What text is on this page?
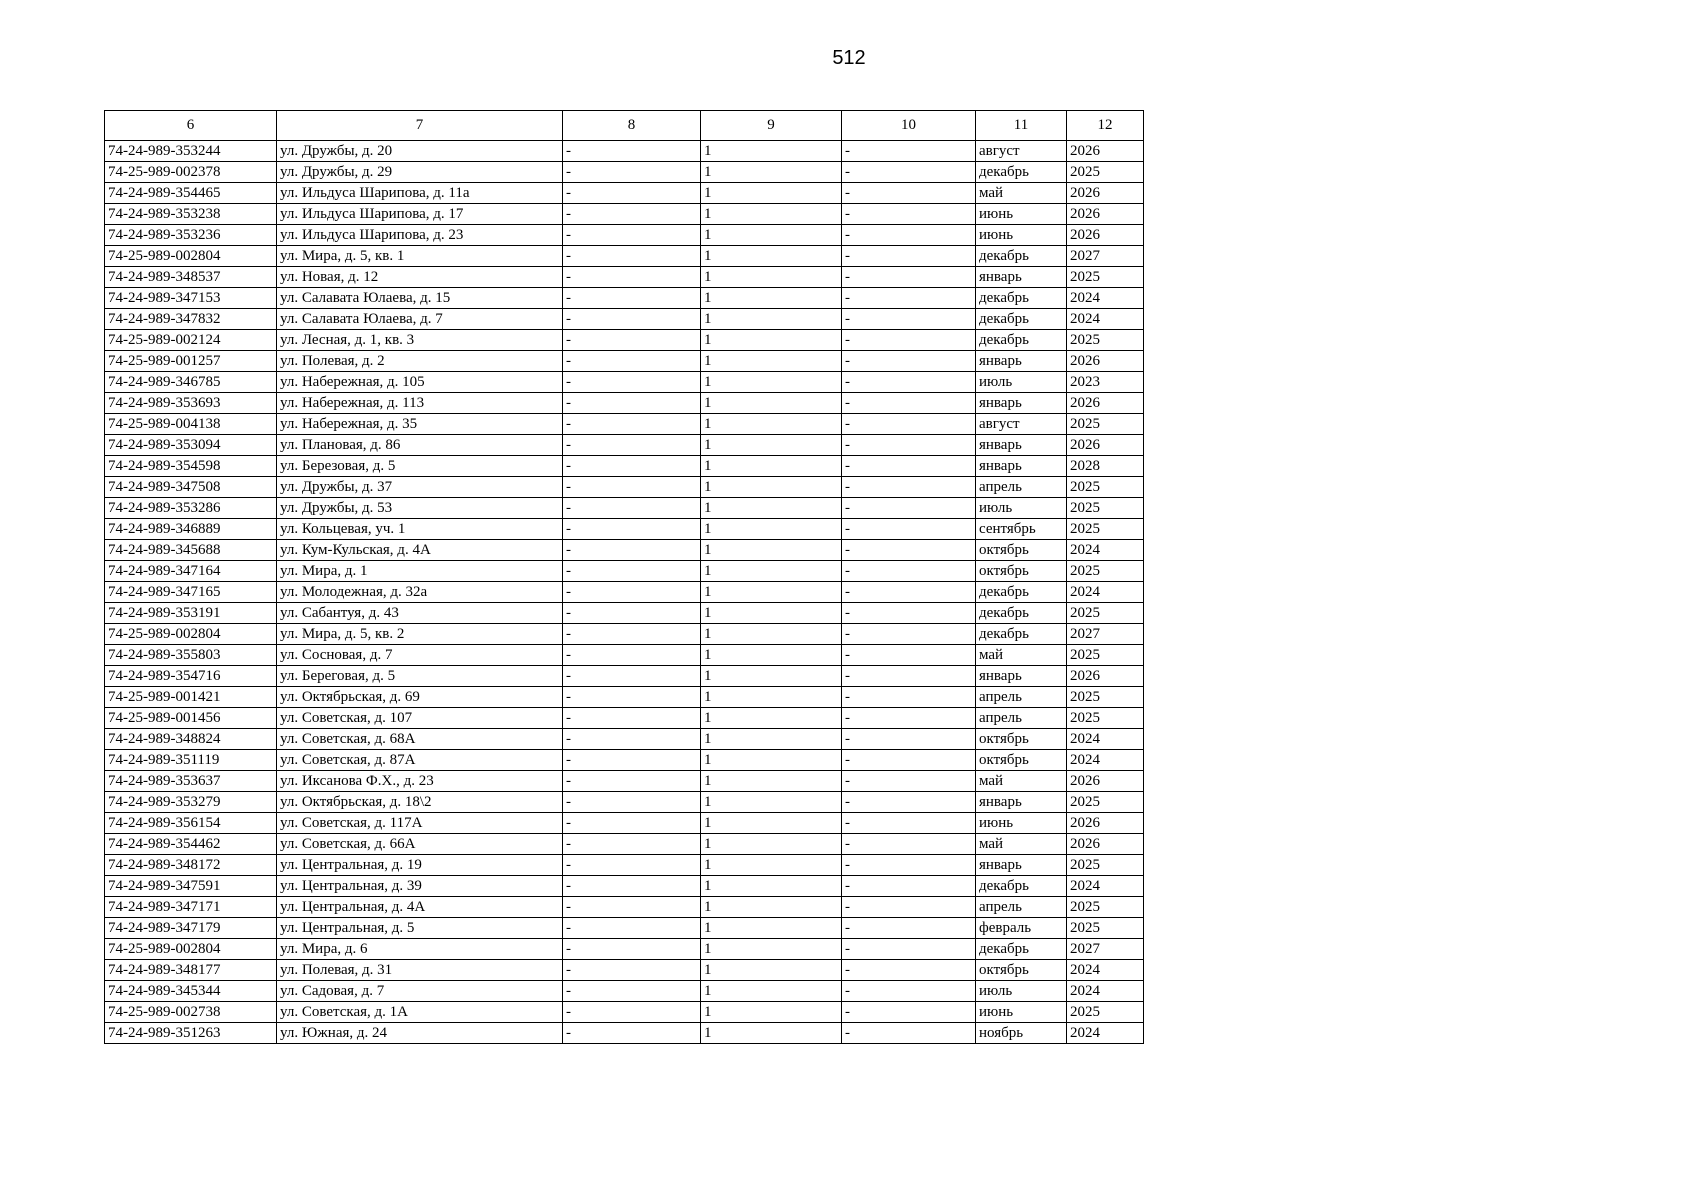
512
6	7	8	9	10	11	12
74-24-989-353244	ул. Дружбы, д. 20	-	1	-	август	2026
74-25-989-002378	ул. Дружбы, д. 29	-	1	-	декабрь	2025
74-24-989-354465	ул. Ильдуса Шарипова, д. 11а	-	1	-	май	2026
74-24-989-353238	ул. Ильдуса Шарипова, д. 17	-	1	-	июнь	2026
74-24-989-353236	ул. Ильдуса Шарипова, д. 23	-	1	-	июнь	2026
74-25-989-002804	ул. Мира, д. 5, кв. 1	-	1	-	декабрь	2027
74-24-989-348537	ул. Новая, д. 12	-	1	-	январь	2025
74-24-989-347153	ул. Салавата Юлаева, д. 15	-	1	-	декабрь	2024
74-24-989-347832	ул. Салавата Юлаева, д. 7	-	1	-	декабрь	2024
74-25-989-002124	ул. Лесная, д. 1, кв. 3	-	1	-	декабрь	2025
74-25-989-001257	ул. Полевая, д. 2	-	1	-	январь	2026
74-24-989-346785	ул. Набережная, д. 105	-	1	-	июль	2023
74-24-989-353693	ул. Набережная, д. 113	-	1	-	январь	2026
74-25-989-004138	ул. Набережная, д. 35	-	1	-	август	2025
74-24-989-353094	ул. Плановая, д. 86	-	1	-	январь	2026
74-24-989-354598	ул. Березовая, д. 5	-	1	-	январь	2028
74-24-989-347508	ул. Дружбы, д. 37	-	1	-	апрель	2025
74-24-989-353286	ул. Дружбы, д. 53	-	1	-	июль	2025
74-24-989-346889	ул. Кольцевая, уч. 1	-	1	-	сентябрь	2025
74-24-989-345688	ул. Кум-Кульская, д. 4А	-	1	-	октябрь	2024
74-24-989-347164	ул. Мира, д. 1	-	1	-	октябрь	2025
74-24-989-347165	ул. Молодежная, д. 32а	-	1	-	декабрь	2024
74-24-989-353191	ул. Сабантуя, д. 43	-	1	-	декабрь	2025
74-25-989-002804	ул. Мира, д. 5, кв. 2	-	1	-	декабрь	2027
74-24-989-355803	ул. Сосновая, д. 7	-	1	-	май	2025
74-24-989-354716	ул. Береговая, д. 5	-	1	-	январь	2026
74-25-989-001421	ул. Октябрьская, д. 69	-	1	-	апрель	2025
74-25-989-001456	ул. Советская, д. 107	-	1	-	апрель	2025
74-24-989-348824	ул. Советская, д. 68А	-	1	-	октябрь	2024
74-24-989-351119	ул. Советская, д. 87А	-	1	-	октябрь	2024
74-24-989-353637	ул. Иксанова Ф.Х., д. 23	-	1	-	май	2026
74-24-989-353279	ул. Октябрьская, д. 18\2	-	1	-	январь	2025
74-24-989-356154	ул. Советская, д. 117А	-	1	-	июнь	2026
74-24-989-354462	ул. Советская, д. 66А	-	1	-	май	2026
74-24-989-348172	ул. Центральная, д. 19	-	1	-	январь	2025
74-24-989-347591	ул. Центральная, д. 39	-	1	-	декабрь	2024
74-24-989-347171	ул. Центральная, д. 4А	-	1	-	апрель	2025
74-24-989-347179	ул. Центральная, д. 5	-	1	-	февраль	2025
74-25-989-002804	ул. Мира, д. 6	-	1	-	декабрь	2027
74-24-989-348177	ул. Полевая, д. 31	-	1	-	октябрь	2024
74-24-989-345344	ул. Садовая, д. 7	-	1	-	июль	2024
74-25-989-002738	ул. Советская, д. 1А	-	1	-	июнь	2025
74-24-989-351263	ул. Южная, д. 24	-	1	-	ноябрь	2024
